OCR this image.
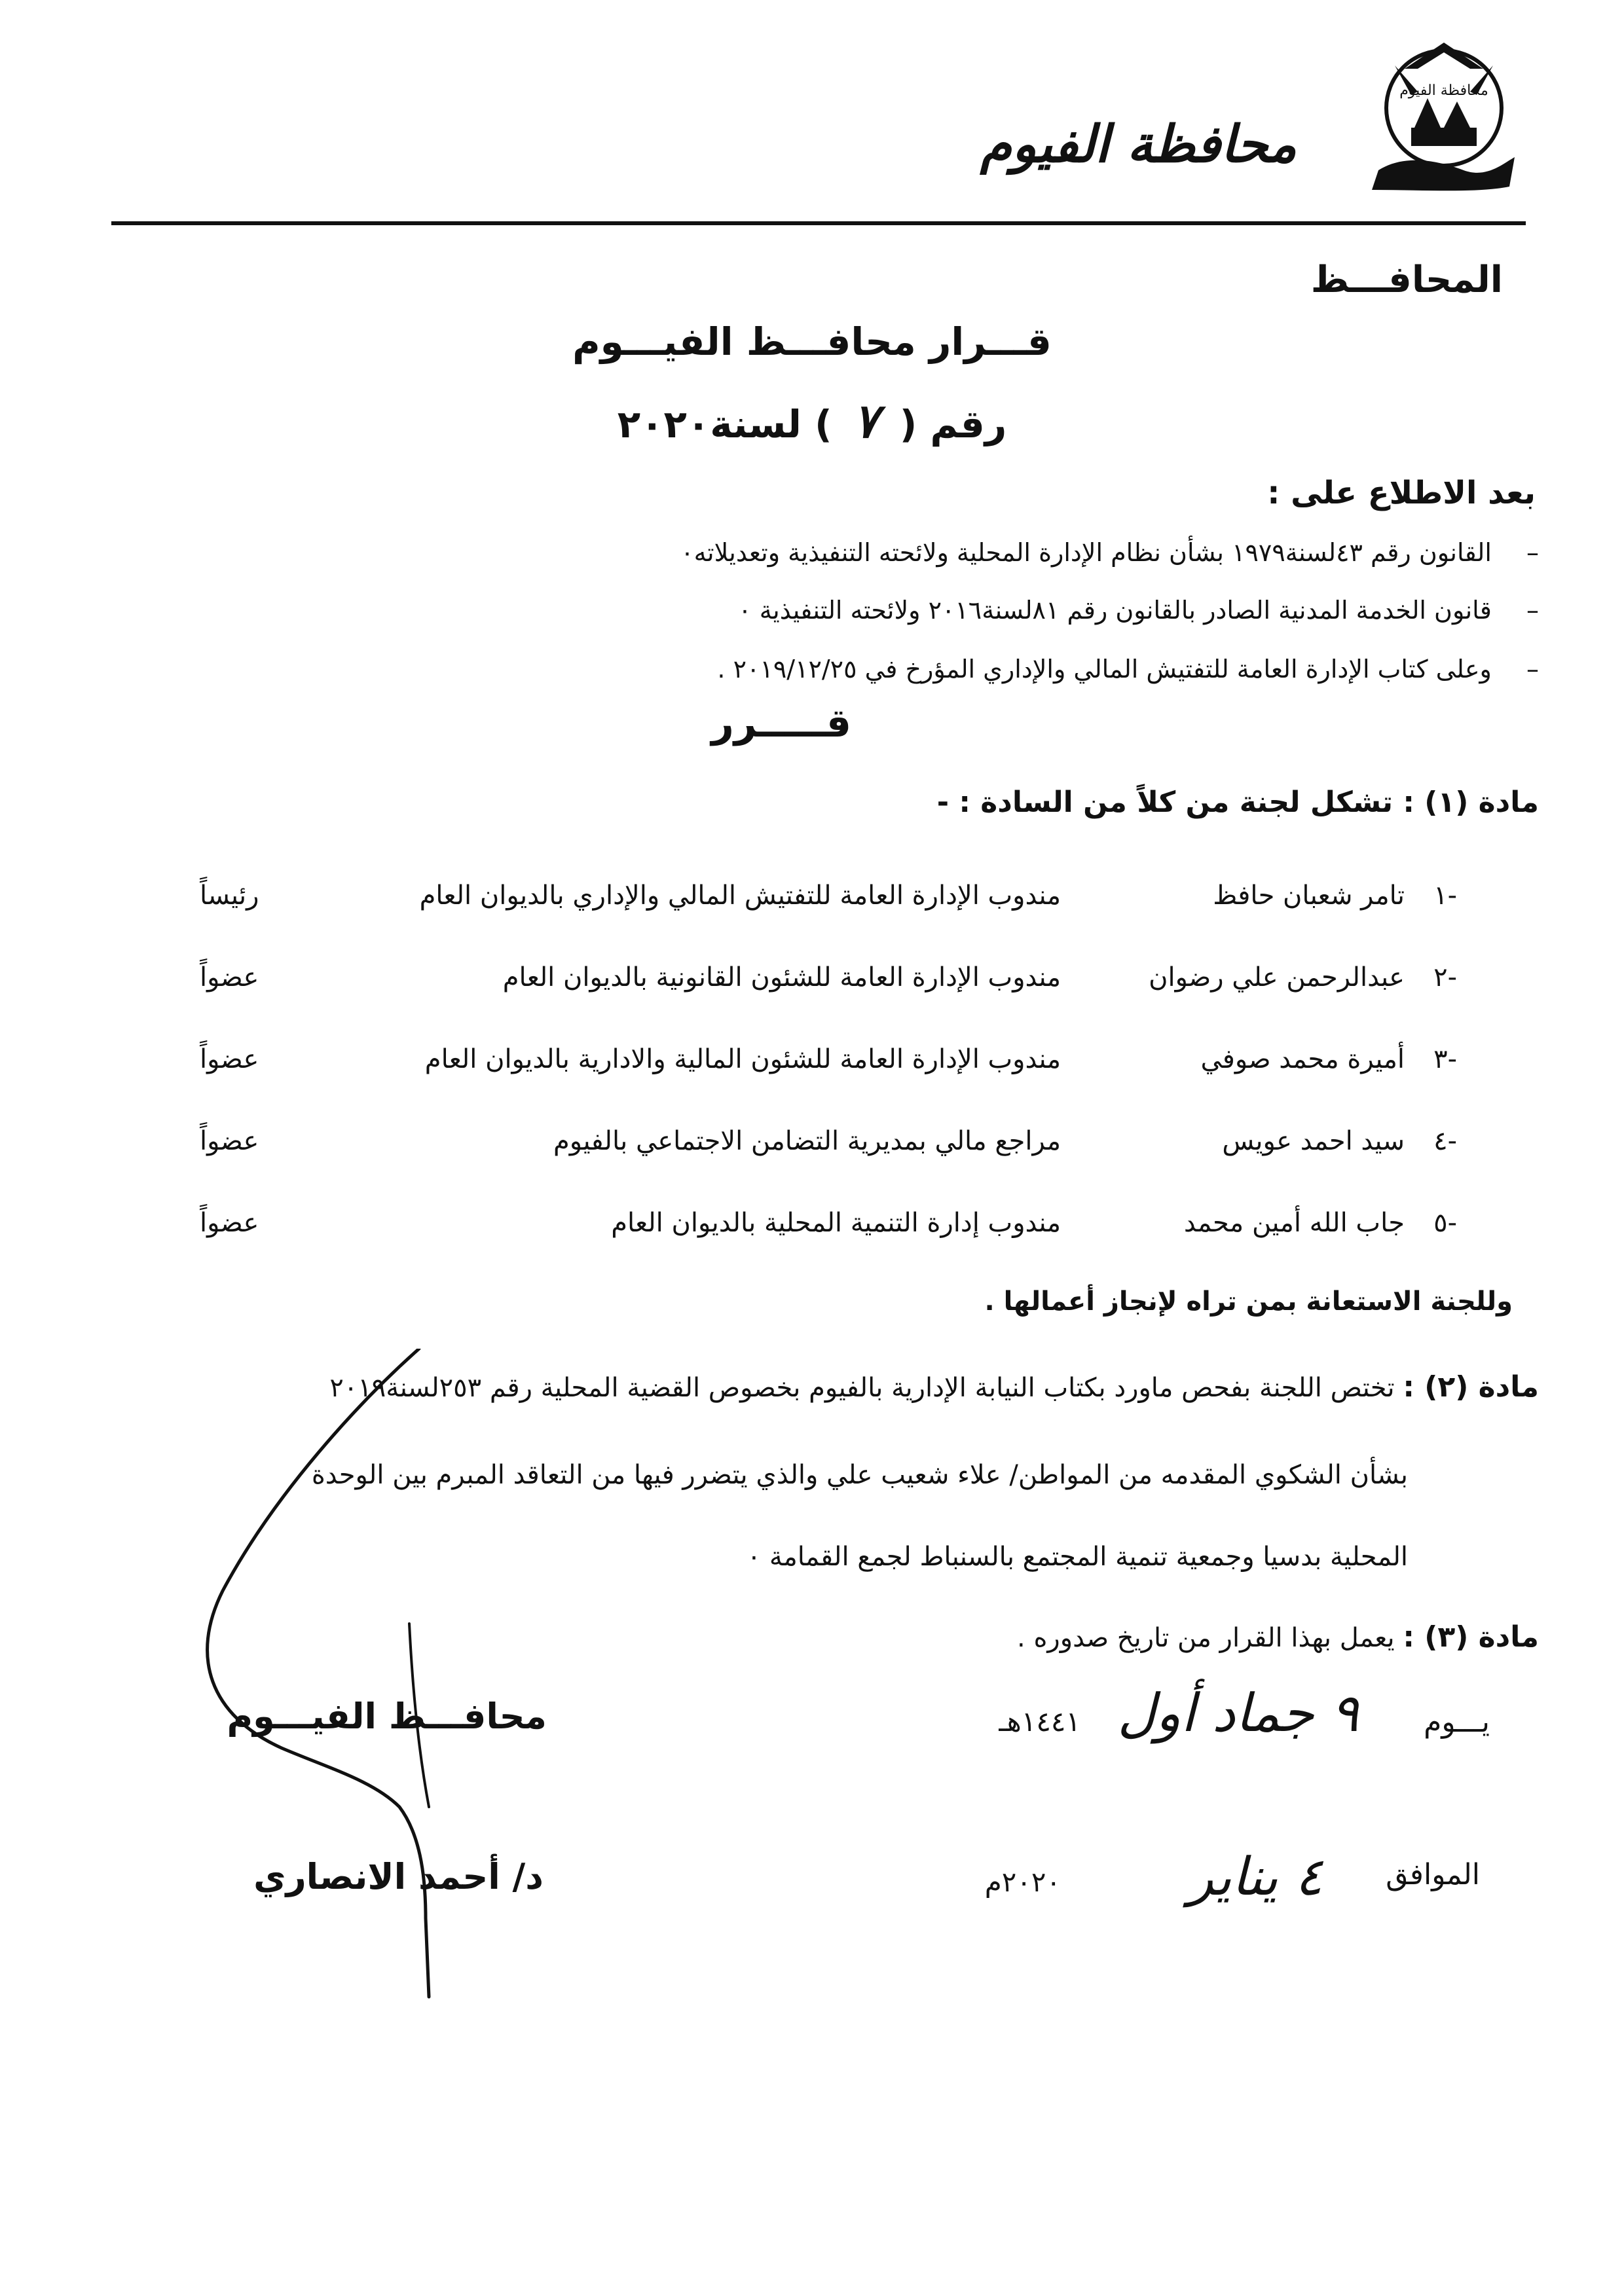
محافظة الفيوم
محافظة الفيوم
المحافـــظ
قـــرار محافـــظ الفيـــوم
رقم ( ٧ ) لسنة٢٠٢٠
بعد الاطلاع على :
– القانون رقم ٤٣لسنة١٩٧٩ بشأن نظام الإدارة المحلية ولائحته التنفيذية وتعديلاته٠
– قانون الخدمة المدنية الصادر بالقانون رقم ٨١لسنة٢٠١٦ ولائحته التنفيذية ٠
– وعلى كتاب الإدارة العامة للتفتيش المالي والإداري المؤرخ في ٢٠١٩/١٢/٢٥ .
قـــــرر
مادة (١) : تشكل لجنة من كلاً من السادة : -
-١
تامر شعبان حافظ
مندوب الإدارة العامة للتفتيش المالي والإداري بالديوان العام
رئيساً
-٢
عبدالرحمن علي رضوان
مندوب الإدارة العامة للشئون القانونية بالديوان العام
عضواً
-٣
أميرة محمد صوفي
مندوب الإدارة العامة للشئون المالية والادارية بالديوان العام
عضواً
-٤
سيد احمد عويس
مراجع مالي بمديرية التضامن الاجتماعي بالفيوم
عضواً
-٥
جاب الله أمين محمد
مندوب إدارة التنمية المحلية بالديوان العام
عضواً
وللجنة الاستعانة بمن تراه لإنجاز أعمالها .
مادة (٢) : تختص اللجنة بفحص ماورد بكتاب النيابة الإدارية بالفيوم بخصوص القضية المحلية رقم ٢٥٣لسنة٢٠١٩
بشأن الشكوي المقدمه من المواطن/ علاء شعيب علي والذي يتضرر فيها من التعاقد المبرم بين الوحدة
المحلية بدسيا وجمعية تنمية المجتمع بالسنباط لجمع القمامة ٠
مادة (٣) : يعمل بهذا القرار من تاريخ صدوره .
يـــوم
٩ جماد أول
١٤٤١هـ
الموافق
٤ يناير
٢٠٢٠م
محافـــظ الفيـــوم
د/ أحمد الانصاري
